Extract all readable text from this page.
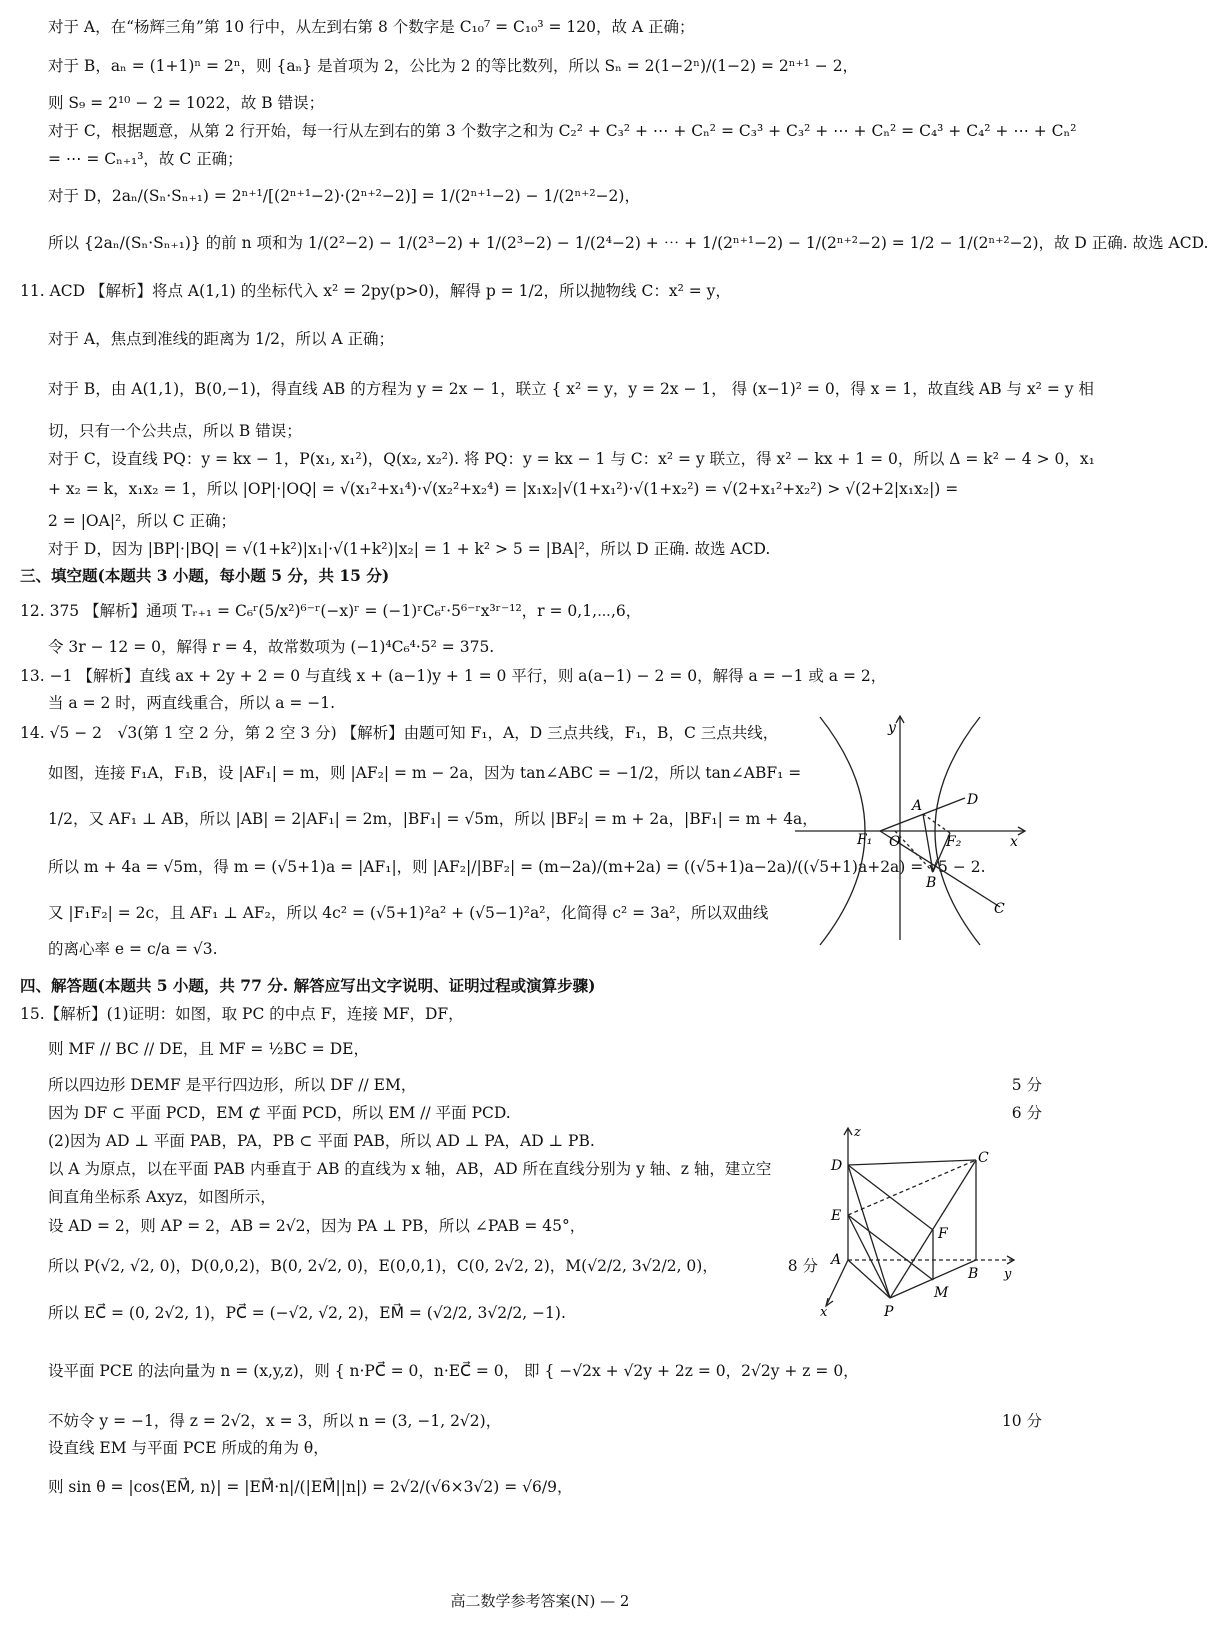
对于 A，在“杨辉三角”第 10 行中，从左到右第 8 个数字是 C₁₀⁷ = C₁₀³ = 120，故 A 正确；
对于 B，aₙ = (1+1)ⁿ = 2ⁿ，则 {aₙ} 是首项为 2，公比为 2 的等比数列，所以 Sₙ = 2(1−2ⁿ)/(1−2) = 2ⁿ⁺¹ − 2，
则 S₉ = 2¹⁰ − 2 = 1022，故 B 错误；
对于 C，根据题意，从第 2 行开始，每一行从左到右的第 3 个数字之和为 C₂² + C₃² + ⋯ + Cₙ² = C₃³ + C₃² + ⋯ + Cₙ² = C₄³ + C₄² + ⋯ + Cₙ²
= ⋯ = Cₙ₊₁³，故 C 正确；
对于 D，2aₙ/(Sₙ·Sₙ₊₁) = 2ⁿ⁺¹/[(2ⁿ⁺¹−2)·(2ⁿ⁺²−2)] = 1/(2ⁿ⁺¹−2) − 1/(2ⁿ⁺²−2)，
所以 {2aₙ/(Sₙ·Sₙ₊₁)} 的前 n 项和为 1/(2²−2) − 1/(2³−2) + 1/(2³−2) − 1/(2⁴−2) + ⋯ + 1/(2ⁿ⁺¹−2) − 1/(2ⁿ⁺²−2) = 1/2 − 1/(2ⁿ⁺²−2)，故 D 正确. 故选 ACD.
11. ACD 【解析】将点 A(1,1) 的坐标代入 x² = 2py(p>0)，解得 p = 1/2，所以抛物线 C：x² = y，
对于 A，焦点到准线的距离为 1/2，所以 A 正确；
对于 B，由 A(1,1)，B(0,−1)，得直线 AB 的方程为 y = 2x − 1，联立 { x² = y，y = 2x − 1， 得 (x−1)² = 0，得 x = 1，故直线 AB 与 x² = y 相
切，只有一个公共点，所以 B 错误；
对于 C，设直线 PQ：y = kx − 1，P(x₁, x₁²)，Q(x₂, x₂²). 将 PQ：y = kx − 1 与 C：x² = y 联立，得 x² − kx + 1 = 0，所以 Δ = k² − 4 > 0，x₁
+ x₂ = k，x₁x₂ = 1，所以 |OP|·|OQ| = √(x₁²+x₁⁴)·√(x₂²+x₂⁴) = |x₁x₂|√(1+x₁²)·√(1+x₂²) = √(2+x₁²+x₂²) > √(2+2|x₁x₂|) =
2 = |OA|²，所以 C 正确；
对于 D，因为 |BP|·|BQ| = √(1+k²)|x₁|·√(1+k²)|x₂| = 1 + k² > 5 = |BA|²，所以 D 正确. 故选 ACD.
三、填空题(本题共 3 小题，每小题 5 分，共 15 分)
12. 375 【解析】通项 Tᵣ₊₁ = C₆ʳ(5/x²)⁶⁻ʳ(−x)ʳ = (−1)ʳC₆ʳ·5⁶⁻ʳx³ʳ⁻¹²，r = 0,1,⋯,6，
令 3r − 12 = 0，解得 r = 4，故常数项为 (−1)⁴C₆⁴·5² = 375.
13. −1 【解析】直线 ax + 2y + 2 = 0 与直线 x + (a−1)y + 1 = 0 平行，则 a(a−1) − 2 = 0，解得 a = −1 或 a = 2，
当 a = 2 时，两直线重合，所以 a = −1.
14. √5 − 2　√3(第 1 空 2 分，第 2 空 3 分) 【解析】由题可知 F₁，A，D 三点共线，F₁，B，C 三点共线，
如图，连接 F₁A，F₁B，设 |AF₁| = m，则 |AF₂| = m − 2a，因为 tan∠ABC = −1/2，所以 tan∠ABF₁ =
1/2，又 AF₁ ⊥ AB，所以 |AB| = 2|AF₁| = 2m，|BF₁| = √5m，所以 |BF₂| = m + 2a，|BF₁| = m + 4a，
所以 m + 4a = √5m，得 m = (√5+1)a = |AF₁|，则 |AF₂|/|BF₂| = (m−2a)/(m+2a) = ((√5+1)a−2a)/((√5+1)a+2a) = √5 − 2.
又 |F₁F₂| = 2c，且 AF₁ ⊥ AF₂，所以 4c² = (√5+1)²a² + (√5−1)²a²，化简得 c² = 3a²，所以双曲线
的离心率 e = c/a = √3.
四、解答题(本题共 5 小题，共 77 分. 解答应写出文字说明、证明过程或演算步骤)
15.【解析】(1)证明：如图，取 PC 的中点 F，连接 MF，DF，
则 MF // BC // DE，且 MF = ½BC = DE，
所以四边形 DEMF 是平行四边形，所以 DF // EM，	5 分
因为 DF ⊂ 平面 PCD，EM ⊄ 平面 PCD，所以 EM // 平面 PCD.	6 分
(2)因为 AD ⊥ 平面 PAB，PA，PB ⊂ 平面 PAB，所以 AD ⊥ PA，AD ⊥ PB.
以 A 为原点，以在平面 PAB 内垂直于 AB 的直线为 x 轴，AB，AD 所在直线分别为 y 轴、z 轴，建立空
间直角坐标系 Axyz，如图所示，
设 AD = 2，则 AP = 2，AB = 2√2，因为 PA ⊥ PB，所以 ∠PAB = 45°，
所以 P(√2, √2, 0)，D(0,0,2)，B(0, 2√2, 0)，E(0,0,1)，C(0, 2√2, 2)，M(√2/2, 3√2/2, 0)，	8 分
所以 EC⃗ = (0, 2√2, 1)，PC⃗ = (−√2, √2, 2)，EM⃗ = (√2/2, 3√2/2, −1).
设平面 PCE 的法向量为 n = (x,y,z)，则 { n·PC⃗ = 0，n·EC⃗ = 0， 即 { −√2x + √2y + 2z = 0，2√2y + z = 0，
不妨令 y = −1，得 z = 2√2，x = 3，所以 n = (3, −1, 2√2)，	10 分
设直线 EM 与平面 PCE 所成的角为 θ，
则 sin θ = |cos⟨EM⃗, n⟩| = |EM⃗·n|/(|EM⃗||n|) = 2√2/(√6×3√2) = √6/9，
y
x
A	D
F₁ O	F₂
B
C
z
D	C
E
F
A
B y
x	P
M
高二数学参考答案(N) — 2
